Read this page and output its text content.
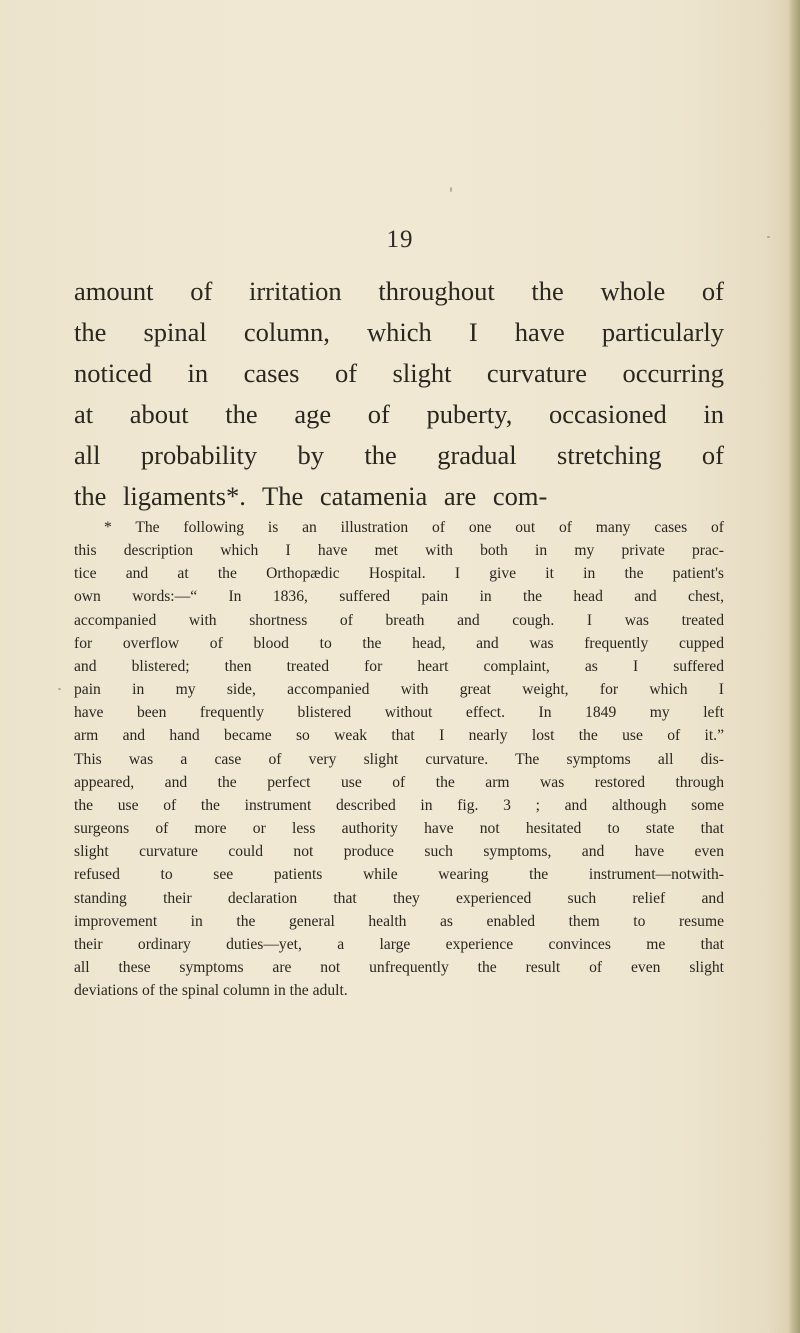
19
amount of irritation throughout the whole of
the spinal column, which I have particularly
noticed in cases of slight curvature occurring
at about the age of puberty, occasioned in
all probability by the gradual stretching of
the ligaments*. The catamenia are com-
* The following is an illustration of one out of many cases of
this description which I have met with both in my private prac-
tice and at the Orthopædic Hospital. I give it in the patient's
own words:—“ In 1836, suffered pain in the head and chest,
accompanied with shortness of breath and cough. I was treated
for overflow of blood to the head, and was frequently cupped
and blistered; then treated for heart complaint, as I suffered
pain in my side, accompanied with great weight, for which I
have been frequently blistered without effect. In 1849 my left
arm and hand became so weak that I nearly lost the use of it.”
This was a case of very slight curvature. The symptoms all dis-
appeared, and the perfect use of the arm was restored through
the use of the instrument described in fig. 3 ; and although some
surgeons of more or less authority have not hesitated to state that
slight curvature could not produce such symptoms, and have even
refused to see patients while wearing the instrument—notwith-
standing their declaration that they experienced such relief and
improvement in the general health as enabled them to resume
their ordinary duties—yet, a large experience convinces me that
all these symptoms are not unfrequently the result of even slight
deviations of the spinal column in the adult.
